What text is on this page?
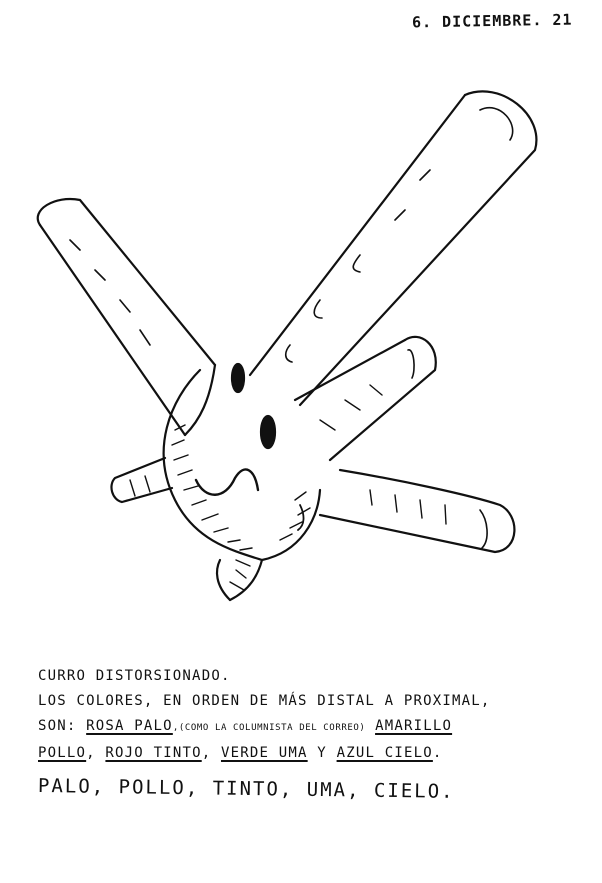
6. DICIEMBRE. 21
CURRO DISTORSIONADO.
LOS COLORES, EN ORDEN DE MÁS DISTAL A PROXIMAL,
SON: ROSA PALO,(COMO LA COLUMNISTA DEL CORREO) AMARILLO
POLLO, ROJO TINTO, VERDE UMA Y AZUL CIELO.
PALO, POLLO, TINTO, UMA, CIELO.
